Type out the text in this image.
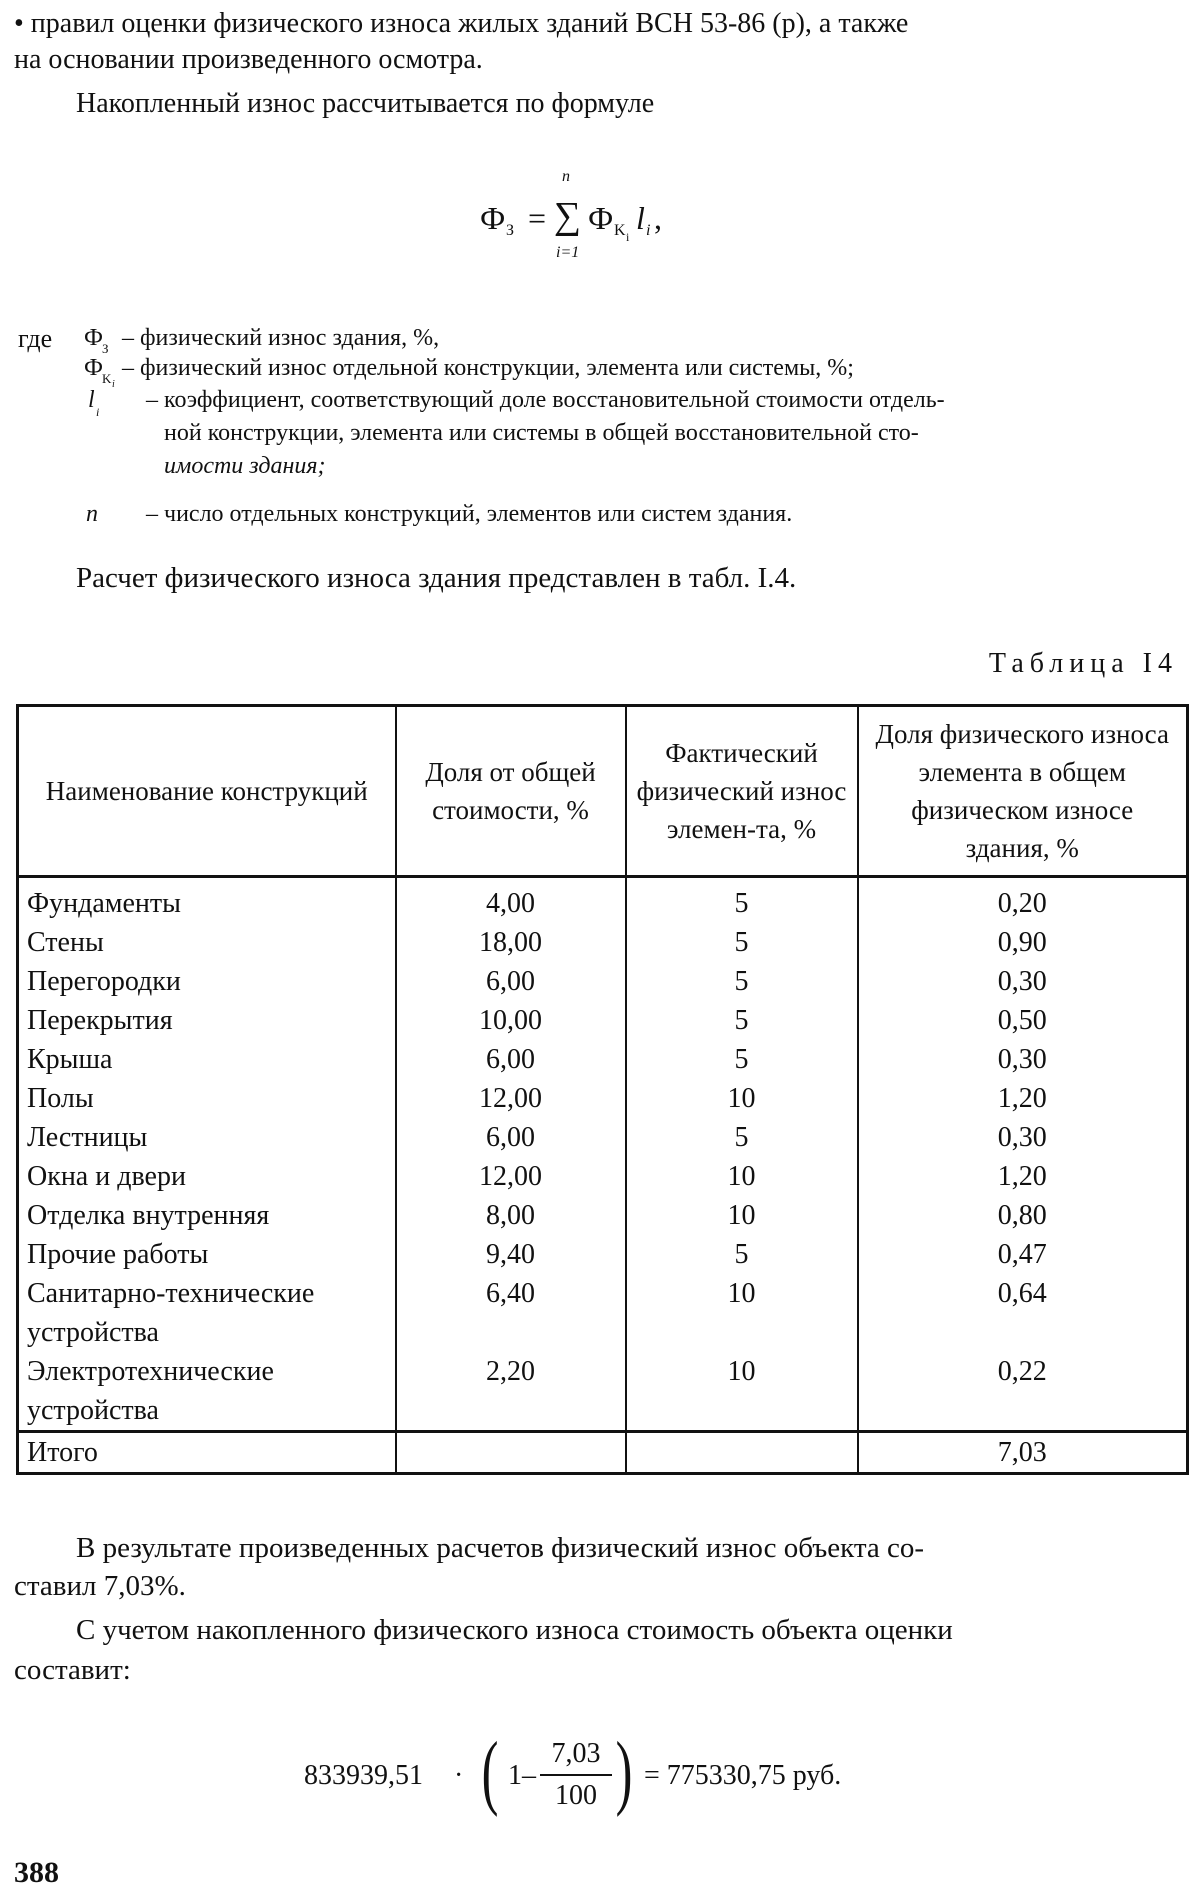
• правил оценки физического износа жилых зданий ВСН 53-86 (р), а также
на основании произведенного осмотра.
Накопленный износ рассчитывается по формуле
Ф З =
n
∑
i=1
Ф K i
l i ,
где Ф З – физический износ здания, %,
Ф K i
– физический износ отдельной конструкции, элемента или системы, %;
l i – коэффициент, соответствующий доле восстановительной стоимости отдель-
ной конструкции, элемента или системы в общей восстановительной сто-
имости здания;
n – число отдельных конструкций, элементов или систем здания.
Расчет физического износа здания представлен в табл. І.4.
Таблица І4
Наименование конструкций	Доля от общей стоимости, %	Фактический физический износ элемен-та, %	Доля физического износа элемента в общем физическом износе здания, %
Фундаменты	4,00	5	0,20
Стены	18,00	5	0,90
Перегородки	6,00	5	0,30
Перекрытия	10,00	5	0,50
Крыша	6,00	5	0,30
Полы	12,00	10	1,20
Лестницы	6,00	5	0,30
Окна и двери	12,00	10	1,20
Отделка внутренняя	8,00	10	0,80
Прочие работы	9,40	5	0,47
Санитарно-технические устройства	6,40	10	0,64
Электротехнические устройства	2,20	10	0,22
Итого			7,03
В результате произведенных расчетов физический износ объекта со-
ставил 7,03%.
С учетом накопленного физического износа стоимость объекта оценки
составит:
833939,51 · ( 1 –
7,03
100 ) = 775330,75 руб.
388
